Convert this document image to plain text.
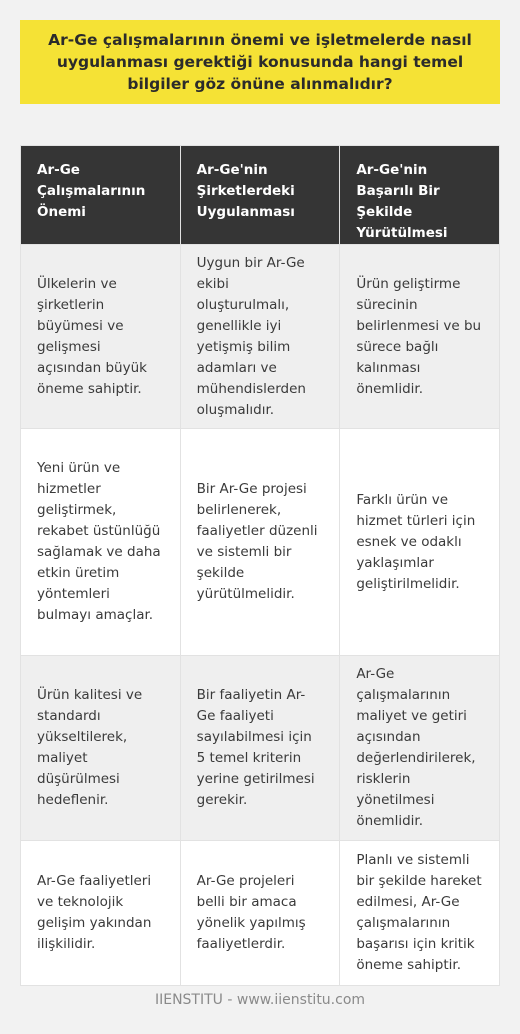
Ar-Ge çalışmalarının önemi ve işletmelerde nasıl uygulanması gerektiği konusunda hangi temel bilgiler göz önüne alınmalıdır?
Ar-Ge Çalışmalarının Önemi	Ar-Ge'nin Şirketlerdeki Uygulanması	Ar-Ge'nin Başarılı Bir Şekilde Yürütülmesi
Ülkelerin ve şirketlerin büyümesi ve gelişmesi açısından büyük öneme sahiptir.	Uygun bir Ar-Ge ekibi oluşturulmalı, genellikle iyi yetişmiş bilim adamları ve mühendislerden oluşmalıdır.	Ürün geliştirme sürecinin belirlenmesi ve bu sürece bağlı kalınması önemlidir.
Yeni ürün ve hizmetler geliştirmek, rekabet üstünlüğü sağlamak ve daha etkin üretim yöntemleri bulmayı amaçlar.	Bir Ar-Ge projesi belirlenerek, faaliyetler düzenli ve sistemli bir şekilde yürütülmelidir.	Farklı ürün ve hizmet türleri için esnek ve odaklı yaklaşımlar geliştirilmelidir.
Ürün kalitesi ve standardı yükseltilerek, maliyet düşürülmesi hedeflenir.	Bir faaliyetin Ar-Ge faaliyeti sayılabilmesi için 5 temel kriterin yerine getirilmesi gerekir.	Ar-Ge çalışmalarının maliyet ve getiri açısından değerlendirilerek, risklerin yönetilmesi önemlidir.
Ar-Ge faaliyetleri ve teknolojik gelişim yakından ilişkilidir.	Ar-Ge projeleri belli bir amaca yönelik yapılmış faaliyetlerdir.	Planlı ve sistemli bir şekilde hareket edilmesi, Ar-Ge çalışmalarının başarısı için kritik öneme sahiptir.
IIENSTITU - www.iienstitu.com
